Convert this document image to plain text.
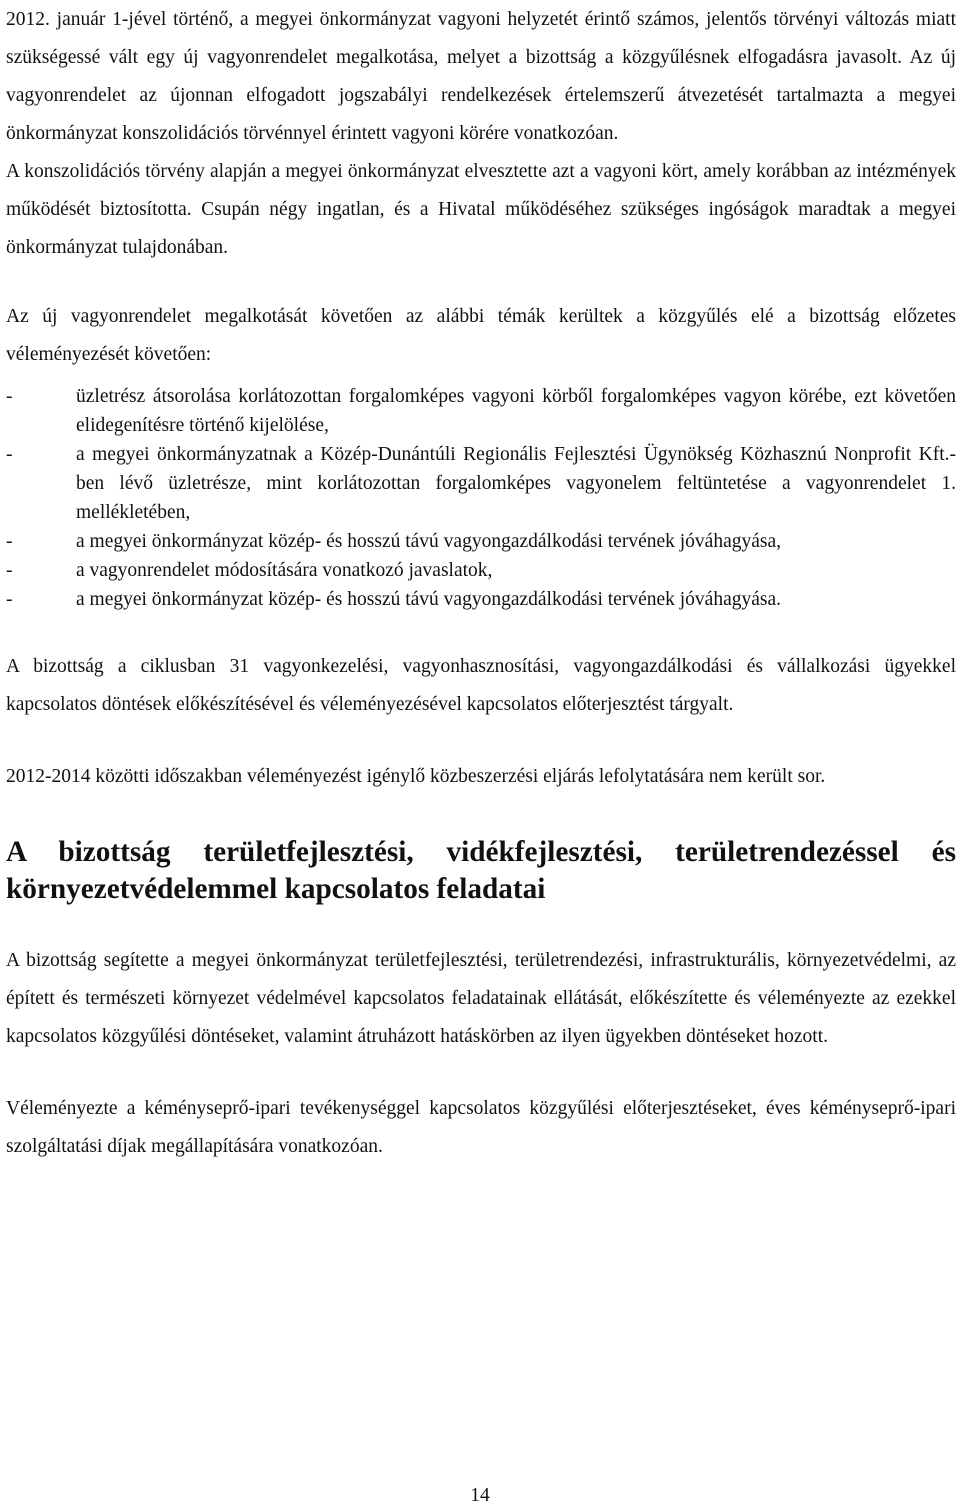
2012. január 1-jével történő, a megyei önkormányzat vagyoni helyzetét érintő számos, jelentős törvényi változás miatt szükségessé vált egy új vagyonrendelet megalkotása, melyet a bizottság a közgyűlésnek elfogadásra javasolt. Az új vagyonrendelet az újonnan elfogadott jogszabályi rendelkezések értelemszerű átvezetését tartalmazta a megyei önkormányzat konszolidációs törvénnyel érintett vagyoni körére vonatkozóan.

A konszolidációs törvény alapján a megyei önkormányzat elvesztette azt a vagyoni kört, amely korábban az intézmények működését biztosította. Csupán négy ingatlan, és a Hivatal működéséhez szükséges ingóságok maradtak a megyei önkormányzat tulajdonában.

Az új vagyonrendelet megalkotását követően az alábbi témák kerültek a közgyűlés elé a bizottság előzetes véleményezését követően:

-	üzletrész átsorolása korlátozottan forgalomképes vagyoni körből forgalomképes vagyon körébe, ezt követően elidegenítésre történő kijelölése,
-	a megyei önkormányzatnak a Közép-Dunántúli Regionális Fejlesztési Ügynökség Közhasznú Nonprofit Kft.-ben lévő üzletrésze, mint korlátozottan forgalomképes vagyonelem feltüntetése a vagyonrendelet 1. mellékletében,
-	a megyei önkormányzat közép- és hosszú távú vagyongazdálkodási tervének jóváhagyása,
-	a vagyonrendelet módosítására vonatkozó javaslatok,
-	a megyei önkormányzat közép- és hosszú távú vagyongazdálkodási tervének jóváhagyása.

A bizottság a ciklusban 31 vagyonkezelési, vagyonhasznosítási, vagyongazdálkodási és vállalkozási ügyekkel kapcsolatos döntések előkészítésével és véleményezésével kapcsolatos előterjesztést tárgyalt.

2012-2014 közötti időszakban véleményezést igénylő közbeszerzési eljárás lefolytatására nem került sor.

A bizottság területfejlesztési, vidékfejlesztési, területrendezéssel és környezetvédelemmel kapcsolatos feladatai

A bizottság segítette a megyei önkormányzat területfejlesztési, területrendezési, infrastrukturális, környezetvédelmi, az épített és természeti környezet védelmével kapcsolatos feladatainak ellátását, előkészítette és véleményezte az ezekkel kapcsolatos közgyűlési döntéseket, valamint átruházott hatáskörben az ilyen ügyekben döntéseket hozott.

Véleményezte a kéményseprő-ipari tevékenységgel kapcsolatos közgyűlési előterjesztéseket, éves kéményseprő-ipari szolgáltatási díjak megállapítására vonatkozóan.

14
